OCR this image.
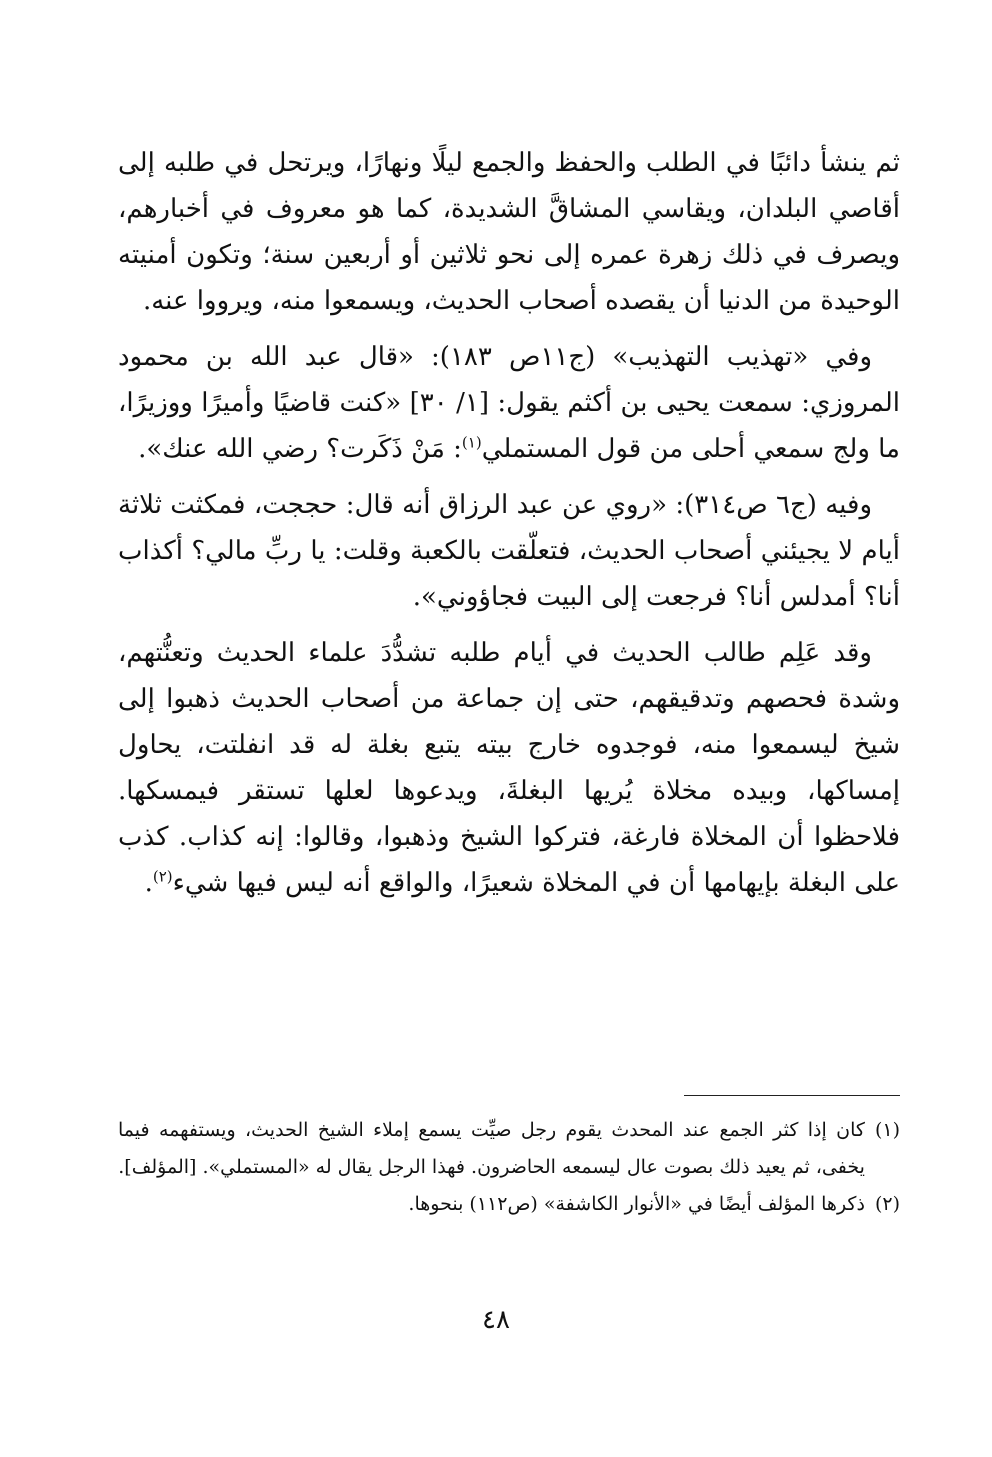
ثم ينشأ دائبًا في الطلب والحفظ والجمع ليلًا ونهارًا، ويرتحل في طلبه إلى أقاصي البلدان، ويقاسي المشاقَّ الشديدة، كما هو معروف في أخبارهم، ويصرف في ذلك زهرة عمره إلى نحو ثلاثين أو أربعين سنة؛ وتكون أمنيته الوحيدة من الدنيا أن يقصده أصحاب الحديث، ويسمعوا منه، ويرووا عنه.

وفي «تهذيب التهذيب» (ج١١ص ١٨٣): «قال عبد الله بن محمود المروزي: سمعت يحيى بن أكثم يقول: [١/ ٣٠] «كنت قاضيًا وأميرًا ووزيرًا، ما ولج سمعي أحلى من قول المستملي$^{(١)}$: مَنْ ذَكَرت؟ رضي الله عنك».

وفيه (ج٦ ص٣١٤): «روي عن عبد الرزاق أنه قال: حججت، فمكثت ثلاثة أيام لا يجيئني أصحاب الحديث، فتعلّقت بالكعبة وقلت: يا ربِّ مالي؟ أكذاب أنا؟ أمدلس أنا؟ فرجعت إلى البيت فجاؤوني».

وقد عَلِم طالب الحديث في أيام طلبه تشدُّدَ علماء الحديث وتعنُّتهم، وشدة فحصهم وتدقيقهم، حتى إن جماعة من أصحاب الحديث ذهبوا إلى شيخ ليسمعوا منه، فوجدوه خارج بيته يتبع بغلة له قد انفلتت، يحاول إمساكها، وبيده مخلاة يُريها البغلةَ، ويدعوها لعلها تستقر فيمسكها. فلاحظوا أن المخلاة فارغة، فتركوا الشيخ وذهبوا، وقالوا: إنه كذاب. كذب على البغلة بإيهامها أن في المخلاة شعيرًا، والواقع أنه ليس فيها شيء$^{(٢)}$.

(١)
كان إذا كثر الجمع عند المحدث يقوم رجل صيِّت يسمع إملاء الشيخ الحديث، ويستفهمه فيما يخفى، ثم يعيد ذلك بصوت عال ليسمعه الحاضرون. فهذا الرجل يقال له «المستملي». [المؤلف].
(٢)
ذكرها المؤلف أيضًا في «الأنوار الكاشفة» (ص١١٢) بنحوها.
٤٨
